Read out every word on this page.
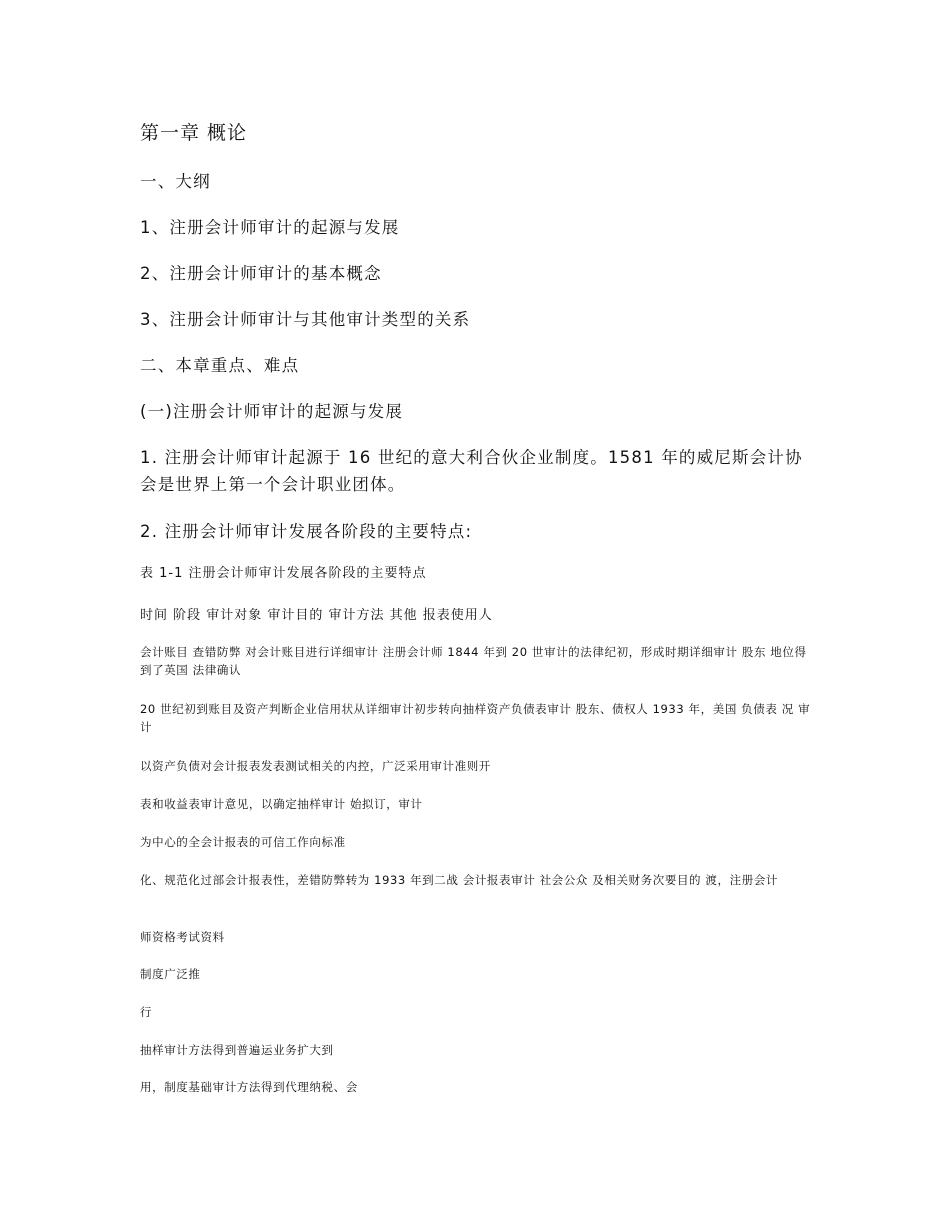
第一章 概论

一、大纲

1、注册会计师审计的起源与发展

2、注册会计师审计的基本概念

3、注册会计师审计与其他审计类型的关系

二、本章重点、难点

(一)注册会计师审计的起源与发展

1. 注册会计师审计起源于 16 世纪的意大利合伙企业制度。1581 年的威尼斯会计协会是世界上第一个会计职业团体。

2. 注册会计师审计发展各阶段的主要特点:

表 1-1 注册会计师审计发展各阶段的主要特点

时间 阶段 审计对象 审计目的 审计方法 其他 报表使用人

会计账目 查错防弊 对会计账目进行详细审计 注册会计师 1844 年到 20 世审计的法律纪初，形成时期详细审计 股东 地位得到了英国 法律确认

20 世纪初到账目及资产判断企业信用状从详细审计初步转向抽样资产负债表审计 股东、债权人 1933 年，美国 负债表 况 审计

以资产负债对会计报表发表测试相关的内控，广泛采用审计准则开

表和收益表审计意见，以确定抽样审计 始拟订，审计

为中心的全会计报表的可信工作向标准

化、规范化过部会计报表性，差错防弊转为 1933 年到二战 会计报表审计 社会公众 及相关财务次要目的 渡，注册会计

师资格考试资料

制度广泛推

行

抽样审计方法得到普遍运业务扩大到

用，制度基础审计方法得到代理纳税、会
